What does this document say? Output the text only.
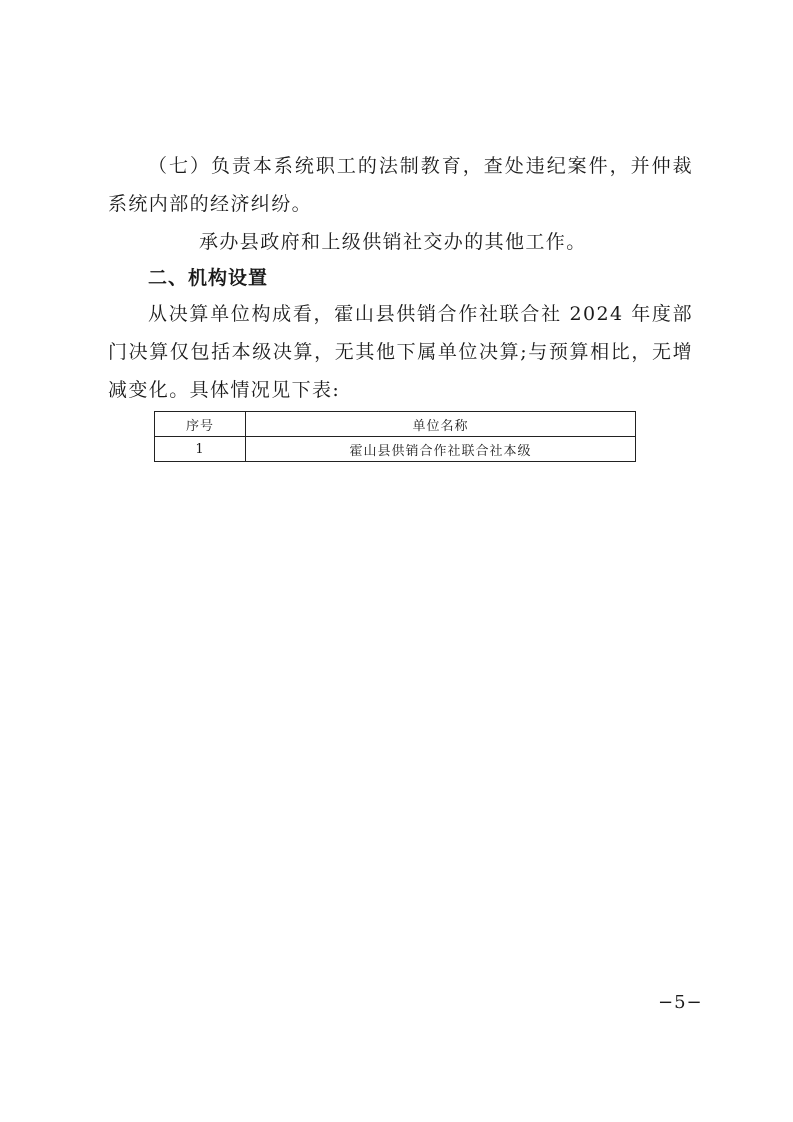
（七）负责本系统职工的法制教育，查处违纪案件，并仲裁系统内部的经济纠纷。

承办县政府和上级供销社交办的其他工作。

二、机构设置

从决算单位构成看，霍山县供销合作社联合社 2024 年度部门决算仅包括本级决算，无其他下属单位决算;与预算相比，无增减变化。具体情况见下表:

序号	单位名称
1	霍山县供销合作社联合社本级
−5−
